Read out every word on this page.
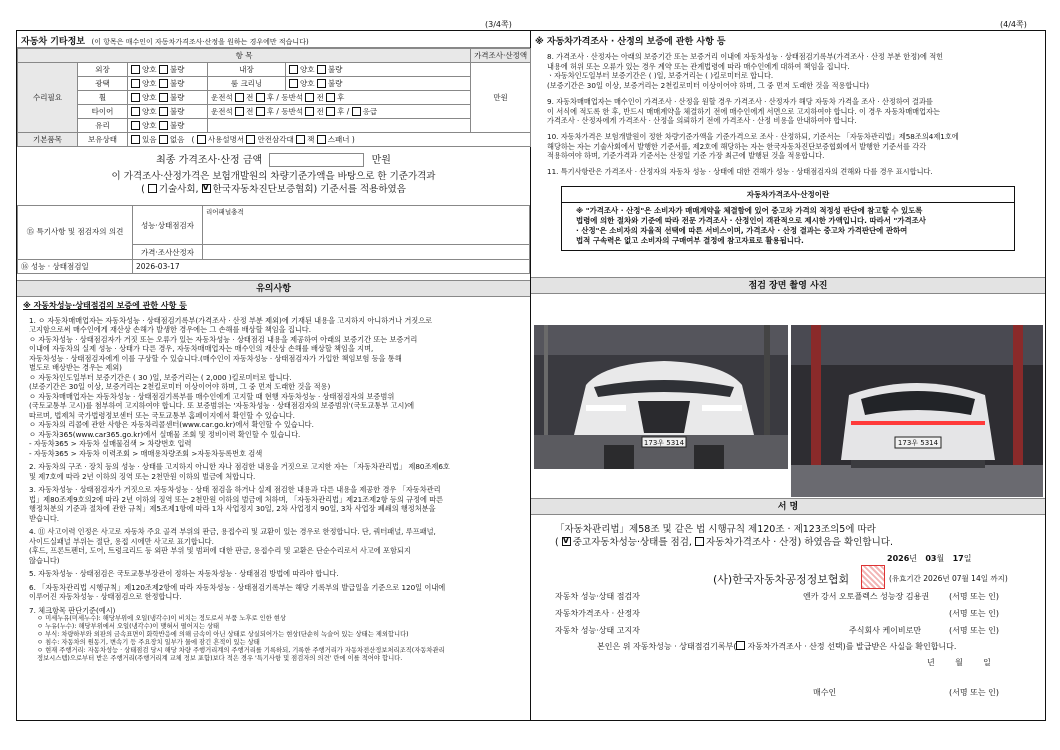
(3/4쪽)	(4/4쪽)
자동차 기타정보 (이 항목은 매수인이 자동차가격조사·산정을 원하는 경우에만 적습니다)
항 목					가격조사·산정액
수리필요	외장	양호 불량	내장	양호 불량	만원
	광택	양호 불량	룸 크리닝	양호 불량	
	휠	양호 불량	운전석 전 후 / 동반석 전 후		
	타이어	양호 불량	운전석 전 후 / 동반석 전 후 / 응급		
	유리	양호 불량			
기본품목	보유상태	있음 없음   ( 사용설명서 안전삼각대 잭 스패너 )			
최종 가격조사·산정 금액	만원
이 가격조사·산정가격은 보험개발원의 차량기준가액을 바탕으로 한 기준가격과
( 기술사회, V 한국자동차진단보증협회) 기준서를 적용하였음
⑮ 특기사항 및 점검자의 의견	성능·상태점검자	리어패널충격
	가격·조사산정자	
⑯ 성능 · 상태점검일	2026-03-17	
유의사항
※ 자동차성능·상태점검의 보증에 관한 사항 등
1. ㅇ 자동차매매업자는 자동차성능 · 상태점검기록부(가격조사 · 산정 부분 제외)에 기재된 내용을 고지하지 아니하거나 거짓으로
고지함으로써 매수인에게 재산상 손해가 발생한 경우에는 그 손해를 배상할 책임을 집니다.
ㅇ 자동차성능 · 상태점검자가 거짓 또는 오류가 있는 자동차성능 · 상태점검 내용을 제공하여 아래의 보증기간 또는 보증거리
이내에 자동차의 실제 성능 · 상태가 다른 경우, 자동차매매업자는 매수인의 재산상 손해를 배상할 책임을 지며,
자동차성능 · 상태점검자에게 이를 구상할 수 있습니다.(매수인이 자동차성능 · 상태점검자가 가입한 책임보험 등을 통해
별도로 배상받는 경우는 제외)
ㅇ 자동차인도일부터 보증기간은 ( 30 )일, 보증거리는 ( 2,000 )킬로미터로 합니다.
(보증기간은 30일 이상, 보증거리는 2천킬로미터 이상이어야 하며, 그 중 먼저 도래한 것을 적용)
ㅇ 자동차매매업자는 자동차성능 · 상태점검기록부를 매수인에게 고지할 때 현행 자동차성능 · 상태점검자의 보증범위
(국토교통부 고시)를 첨부하여 고지하여야 합니다. 또 보증범위는 '자동차성능 · 상태점검자의 보증범위'(국토교통부 고시)에
따르며, 법제처 국가법령정보센터 또는 국토교통부 홈페이지에서 확인할 수 있습니다.
ㅇ 자동차의 리콜에 관한 사항은 자동차리콜센터(www.car.go.kr)에서 확인할 수 있습니다.
ㅇ 자동차365(www.car365.go.kr)에서 실매물 조회 및 정비이력 확인할 수 있습니다.
- 자동차365 > 자동차 실매물검색 > 차량번호 입력
- 자동차365 > 자동차 이력조회 > 매매용차량조회 >자동차등록번호 검색
2. 자동차의 구조 · 장치 등의 성능 · 상태를 고지하지 아니한 자나 점검한 내용을 거짓으로 고지한 자는 「자동차관리법」 제80조제6호
및 제7호에 따라 2년 이하의 징역 또는 2천만원 이하의 벌금에 처합니다.
3. 자동차성능 · 상태점검자가 거짓으로 자동차성능 · 상태 점검을 하거나 실제 점검한 내용과 다른 내용을 제공한 경우 「자동차관리
법」제80조제9호의2에 따라 2년 이하의 징역 또는 2천만원 이하의 벌금에 처하며, 「자동차관리법」제21조제2항 등의 규정에 따른
행정처분의 기준과 절차에 관한 규칙」제5조제1항에 따라 1차 사업정지 30일, 2차 사업정지 90일, 3차 사업장 폐쇄의 행정처분을
받습니다.
4. ⑪ 사고이력 인정은 사고로 자동차 주요 골격 부위의 판금, 용접수리 및 교환이 있는 경우로 한정합니다. 단, 쿼터패널, 루프패널,
사이드실패널 부위는 절단, 용접 시에만 사고로 표기합니다.
(후드, 프론트펜더, 도어, 트렁크리드 등 외판 부위 및 범퍼에 대한 판금, 용접수리 및 교환은 단순수리로서 사고에 포함되지
않습니다)
5. 자동차성능 · 상태점검은 국토교통부장관이 정하는 자동차성능 · 상태점검 방법에 따라야 합니다.
6. 「자동차관리법 시행규칙」제120조제2항에 따라 자동차성능 · 상태점검기록부는 해당 기록부의 발급일을 기준으로 120일 이내에
이루어진 자동차성능 · 상태점검으로 한정합니다.
7. 체크항목 판단기준(예시)
ㅇ 미세누유(미세누수): 해당부위에 오일(냉각수)이 비치는 정도로서 부품 노후로 인한 현상
ㅇ 누유(누수): 해당부위에서 오일(냉각수)이 맺혀서 떨어지는 상태
ㅇ 부식: 차량하부와 외판의 금속표면이 화학반응에 의해 금속이 아닌 상태로 상실되어가는 현상(단순히 녹슬어 있는 상태는 제외합니다)
ㅇ 침수: 자동차의 원동기, 변속기 등 주요장치 일부가 물에 잠긴 흔적이 있는 상태
ㅇ 현재 주행거리: 자동차성능 · 상태점검 당시 해당 차량 주행거리계의 주행거리를 기록하되, 기록한 주행거리가 자동차전산정보처리조직(자동차관리
정보시스템)으로부터 받은 주행거리(주행거리계 교체 정보 포함)보다 적은 경우 '특기사항 및 점검자의 의견' 란에 이를 적어야 합니다.
※ 자동차가격조사 · 산정의 보증에 관한 사항 등
8. 가격조사 · 산정자는 아래의 보증기간 또는 보증거리 이내에 자동차성능 · 상태점검기록부(가격조사 · 산정 부분 한정)에 적힌
내용에 허위 또는 오류가 있는 경우 계약 또는 관계법령에 따라 매수인에게 대하여 책임을 집니다.
ㆍ자동차인도일부터 보증기간은 ( )일, 보증거리는 ( )킬로미터로 합니다.
(보증기간은 30일 이상, 보증거리는 2천킬로미터 이상이어야 하며, 그 중 먼저 도래한 것을 적용합니다)
9. 자동차매매업자는 매수인이 가격조사 · 산정을 원할 경우 가격조사 · 산정자가 해당 자동차 가격을 조사 · 산정하여 결과를
이 서식에 적도록 한 후, 반드시 매매계약을 체결하기 전에 매수인에게 서면으로 고지하여야 합니다. 이 경우 자동차매매업자는
가격조사 · 산정자에게 가격조사 · 산정을 의뢰하기 전에 가격조사 · 산정 비용을 안내하여야 합니다.
10. 자동차가격은 보험개발원이 정한 차량기준가액을 기준가격으로 조사 · 산정하되, 기준서는 「자동차관리법」제58조의4제1호에
해당하는 자는 기술사회에서 발행한 기준서를, 제2호에 해당하는 자는 한국자동차진단보증협회에서 발행한 기준서를 각각
적용하여야 하며, 기준가격과 기준서는 산정일 기준 가장 최근에 발행된 것을 적용합니다.
11. 특기사항란은 가격조사 · 산정자의 자동차 성능 · 상태에 대한 견해가 성능 · 상태점검자의 견해와 다를 경우 표시합니다.
자동차가격조사·산정이란
※ "가격조사 · 산정"은 소비자가 매매계약을 체결함에 있어 중고차 가격의 적정성 판단에 참고할 수 있도록
법령에 의한 절차와 기준에 따라 전문 가격조사 · 산정인이 객관적으로 제시한 가액입니다. 따라서 "가격조사
· 산정"은 소비자의 자율적 선택에 따른 서비스이며, 가격조사 · 산정 결과는 중고차 가격판단에 관하여
법적 구속력은 없고 소비자의 구매여부 결정에 참고자료로 활용됩니다.
점검 장면 촬영 사진
173우 5314	173우 5314
서 명
「자동차관리법」제58조 및 같은 법 시행규칙 제120조 · 제123조의5에 따라
( V중고자동차성능·상태를 점검, 자동차가격조사 · 산정) 하였음을 확인합니다.
2026년 03월 17일
(사)한국자동차공정정보협회	(유효기간 2026년 07월 14일 까지)
자동차 성능·상태 점검자	엔카 강서 오토플렉스 성능장 김용권 (서명 또는 인)
자동차가격조사 · 산정자	(서명 또는 인)
자동차 성능·상태 고지자	주식회사 케이비로만	(서명 또는 인)
본인은 위 자동차성능 · 상태점검기록부( 자동차가격조사 · 산정 선택)를 발급받은 사실을 확인합니다.
년	월	일
매수인	(서명 또는 인)
